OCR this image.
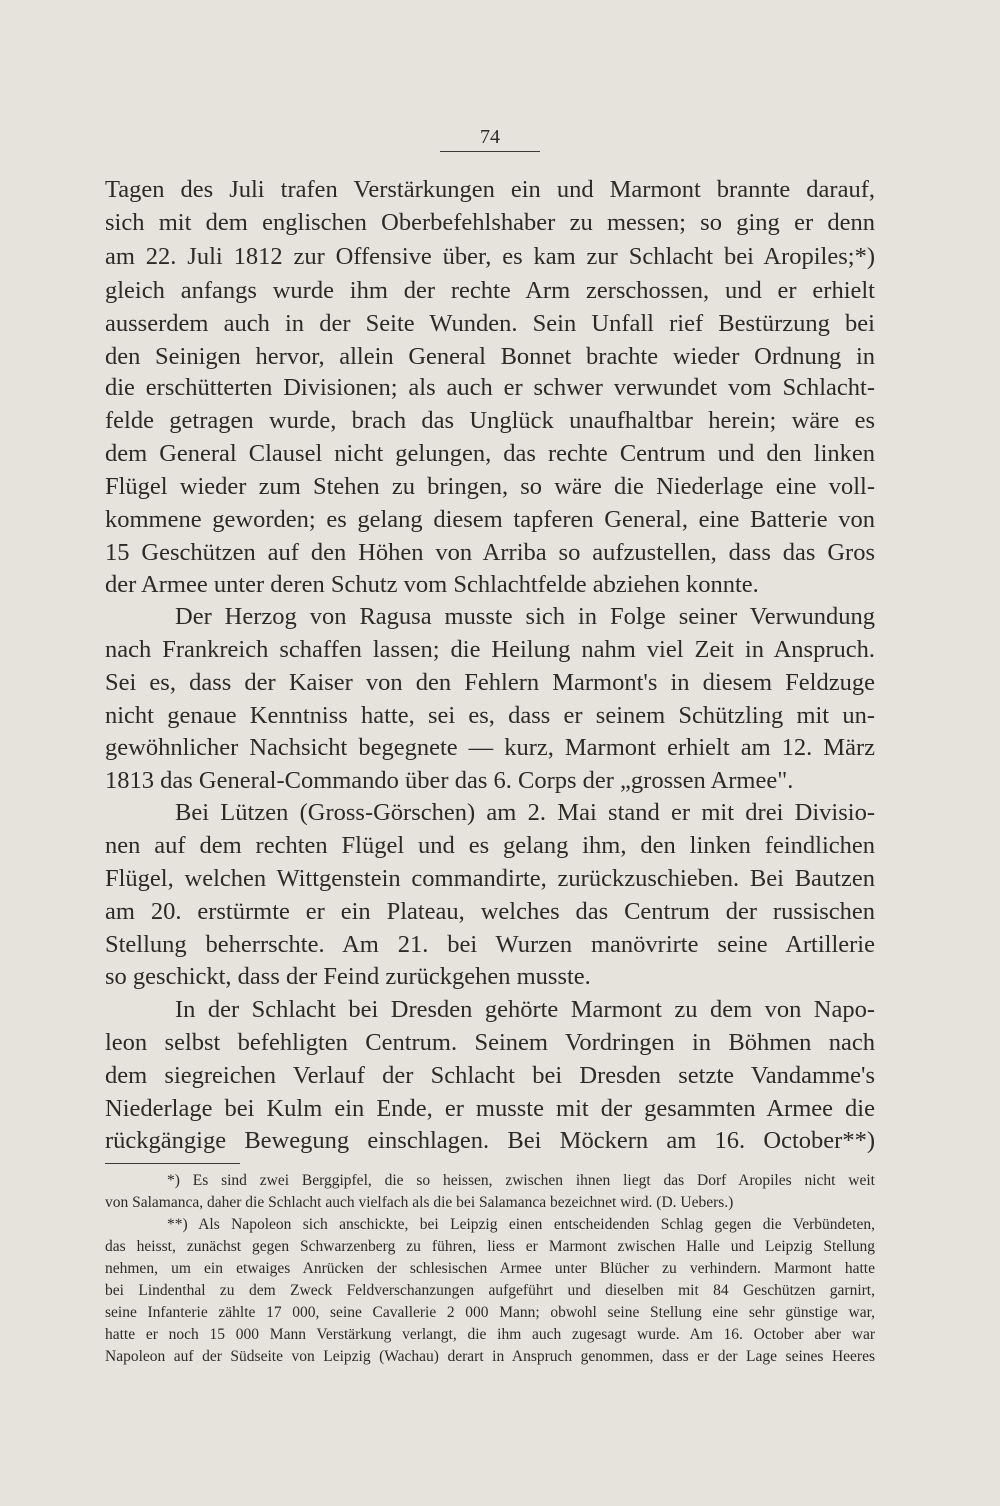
74
Tagen des Juli trafen Verstärkungen ein und Marmont brannte darauf,
sich mit dem englischen Oberbefehlshaber zu messen; so ging er denn
am 22. Juli 1812 zur Offensive über, es kam zur Schlacht bei Aropiles;*)
gleich anfangs wurde ihm der rechte Arm zerschossen, und er erhielt
ausserdem auch in der Seite Wunden. Sein Unfall rief Bestürzung bei
den Seinigen hervor, allein General Bonnet brachte wieder Ordnung in
die erschütterten Divisionen; als auch er schwer verwundet vom Schlacht-
felde getragen wurde, brach das Unglück unaufhaltbar herein; wäre es
dem General Clausel nicht gelungen, das rechte Centrum und den linken
Flügel wieder zum Stehen zu bringen, so wäre die Niederlage eine voll-
kommene geworden; es gelang diesem tapferen General, eine Batterie von
15 Geschützen auf den Höhen von Arriba so aufzustellen, dass das Gros
der Armee unter deren Schutz vom Schlachtfelde abziehen konnte.
Der Herzog von Ragusa musste sich in Folge seiner Verwundung
nach Frankreich schaffen lassen; die Heilung nahm viel Zeit in Anspruch.
Sei es, dass der Kaiser von den Fehlern Marmont's in diesem Feldzuge
nicht genaue Kenntniss hatte, sei es, dass er seinem Schützling mit un-
gewöhnlicher Nachsicht begegnete — kurz, Marmont erhielt am 12. März
1813 das General-Commando über das 6. Corps der „grossen Armee".
Bei Lützen (Gross-Görschen) am 2. Mai stand er mit drei Divisio-
nen auf dem rechten Flügel und es gelang ihm, den linken feindlichen
Flügel, welchen Wittgenstein commandirte, zurückzuschieben. Bei Bautzen
am 20. erstürmte er ein Plateau, welches das Centrum der russischen
Stellung beherrschte. Am 21. bei Wurzen manövrirte seine Artillerie
so geschickt, dass der Feind zurückgehen musste.
In der Schlacht bei Dresden gehörte Marmont zu dem von Napo-
leon selbst befehligten Centrum. Seinem Vordringen in Böhmen nach
dem siegreichen Verlauf der Schlacht bei Dresden setzte Vandamme's
Niederlage bei Kulm ein Ende, er musste mit der gesammten Armee die
rückgängige Bewegung einschlagen. Bei Möckern am 16. October**)
*) Es sind zwei Berggipfel, die so heissen, zwischen ihnen liegt das Dorf Aropiles nicht weit
von Salamanca, daher die Schlacht auch vielfach als die bei Salamanca bezeichnet wird. (D. Uebers.)
**) Als Napoleon sich anschickte, bei Leipzig einen entscheidenden Schlag gegen die Verbündeten,
das heisst, zunächst gegen Schwarzenberg zu führen, liess er Marmont zwischen Halle und Leipzig Stellung
nehmen, um ein etwaiges Anrücken der schlesischen Armee unter Blücher zu verhindern. Marmont hatte
bei Lindenthal zu dem Zweck Feldverschanzungen aufgeführt und dieselben mit 84 Geschützen garnirt,
seine Infanterie zählte 17 000, seine Cavallerie 2 000 Mann; obwohl seine Stellung eine sehr günstige war,
hatte er noch 15 000 Mann Verstärkung verlangt, die ihm auch zugesagt wurde. Am 16. October aber war
Napoleon auf der Südseite von Leipzig (Wachau) derart in Anspruch genommen, dass er der Lage seines Heeres
